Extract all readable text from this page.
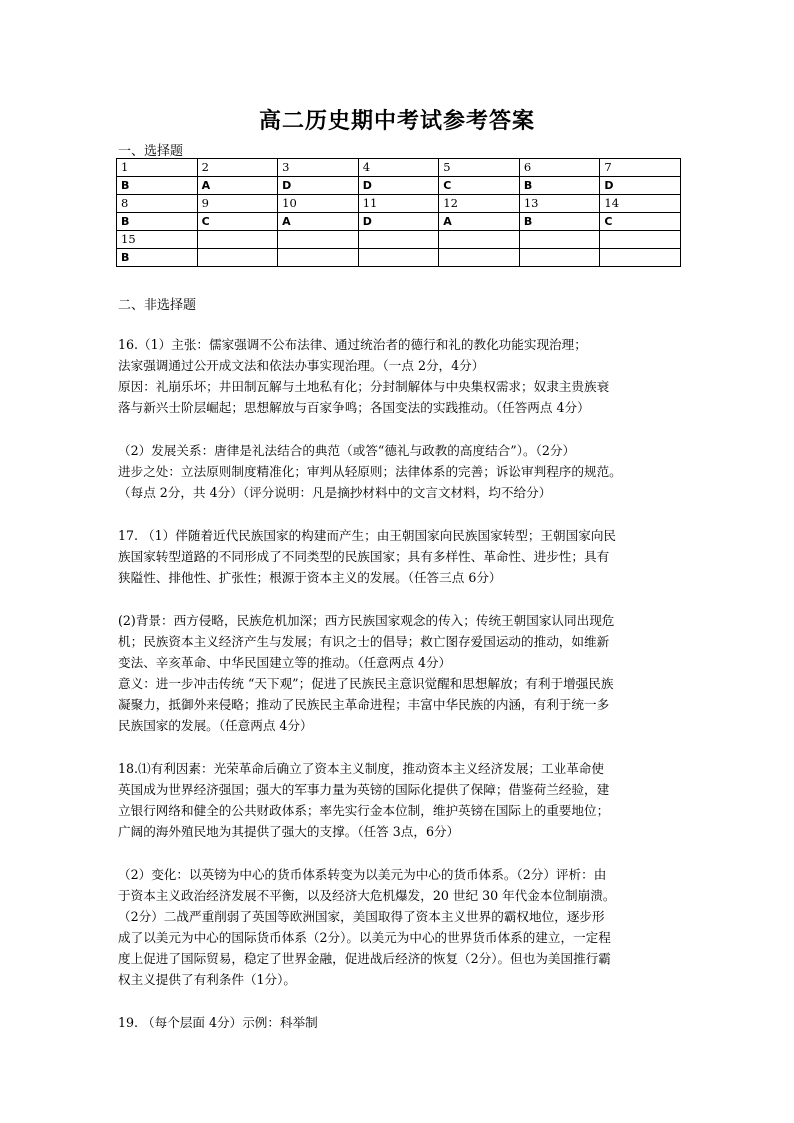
高二历史期中考试参考答案
一、选择题
1	2	3	4	5	6	7
B	A	D	D	C	B	D
8	9	10	11	12	13	14
B	C	A	D	A	B	C
15						
B						
二、非选择题

16.（1）主张：儒家强调不公布法律、通过统治者的德行和礼的教化功能实现治理；

法家强调通过公开成文法和依法办事实现治理。（一点 2分，4分）

原因：礼崩乐坏；井田制瓦解与土地私有化；分封制解体与中央集权需求；奴隶主贵族衰

落与新兴士阶层崛起；思想解放与百家争鸣；各国变法的实践推动。（任答两点 4分）

（2）发展关系：唐律是礼法结合的典范（或答“德礼与政教的高度结合”）。（2分）

进步之处：立法原则制度精准化；审判从轻原则；法律体系的完善；诉讼审判程序的规范。

（每点 2分，共 4分）（评分说明：凡是摘抄材料中的文言文材料，均不给分）

17. （1）伴随着近代民族国家的构建而产生；由王朝国家向民族国家转型；王朝国家向民

族国家转型道路的不同形成了不同类型的民族国家；具有多样性、革命性、进步性；具有

狭隘性、排他性、扩张性；根源于资本主义的发展。（任答三点 6分）

(2)背景：西方侵略，民族危机加深；西方民族国家观念的传入；传统王朝国家认同出现危

机；民族资本主义经济产生与发展；有识之士的倡导；救亡图存爱国运动的推动，如维新

变法、辛亥革命、中华民国建立等的推动。（任意两点 4分）

意义：进一步冲击传统 “天下观”；促进了民族民主意识觉醒和思想解放；有利于增强民族

凝聚力，抵御外来侵略；推动了民族民主革命进程；丰富中华民族的内涵，有利于统一多

民族国家的发展。（任意两点 4分）

18.⑴有利因素：光荣革命后确立了资本主义制度，推动资本主义经济发展；工业革命使

英国成为世界经济强国；强大的军事力量为英镑的国际化提供了保障；借鉴荷兰经验，建

立银行网络和健全的公共财政体系；率先实行金本位制，维护英镑在国际上的重要地位；

广阔的海外殖民地为其提供了强大的支撑。（任答 3点，6分）

（2）变化：以英镑为中心的货币体系转变为以美元为中心的货币体系。（2分）评析：由

于资本主义政治经济发展不平衡，以及经济大危机爆发，20 世纪 30 年代金本位制崩溃。

（2分）二战严重削弱了英国等欧洲国家，美国取得了资本主义世界的霸权地位，逐步形

成了以美元为中心的国际货币体系（2分）。以美元为中心的世界货币体系的建立，一定程

度上促进了国际贸易，稳定了世界金融，促进战后经济的恢复（2分）。但也为美国推行霸

权主义提供了有利条件（1分）。

19. （每个层面 4分）示例：科举制
